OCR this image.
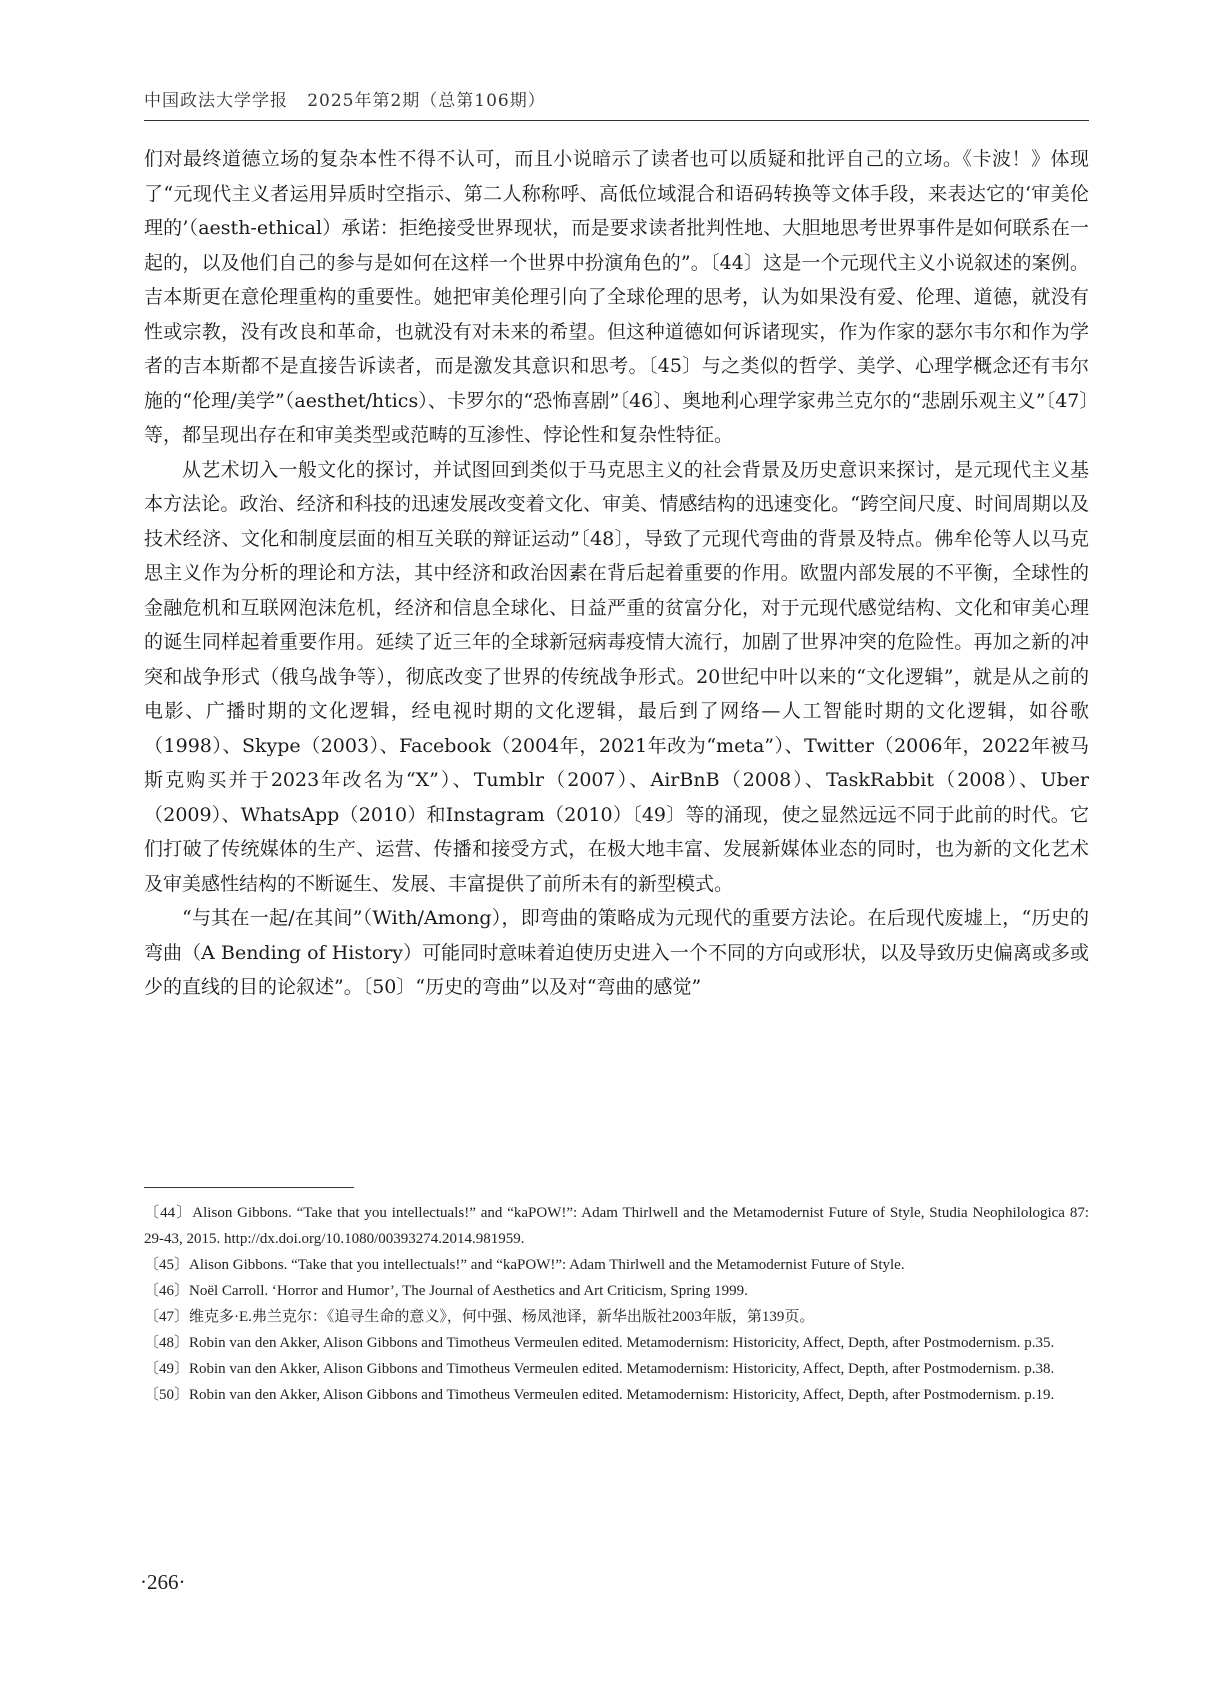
中国政法大学学报 2025年第2期（总第106期）

们对最终道德立场的复杂本性不得不认可，而且小说暗示了读者也可以质疑和批评自己的立场。《卡波！》体现了“元现代主义者运用异质时空指示、第二人称称呼、高低位域混合和语码转换等文体手段，来表达它的‘审美伦理的’（aesth-ethical）承诺：拒绝接受世界现状，而是要求读者批判性地、大胆地思考世界事件是如何联系在一起的，以及他们自己的参与是如何在这样一个世界中扮演角色的”。〔44〕这是一个元现代主义小说叙述的案例。吉本斯更在意伦理重构的重要性。她把审美伦理引向了全球伦理的思考，认为如果没有爱、伦理、道德，就没有性或宗教，没有改良和革命，也就没有对未来的希望。但这种道德如何诉诸现实，作为作家的瑟尔韦尔和作为学者的吉本斯都不是直接告诉读者，而是激发其意识和思考。〔45〕与之类似的哲学、美学、心理学概念还有韦尔施的“伦理/美学”（aesthet/htics）、卡罗尔的“恐怖喜剧”〔46〕、奥地利心理学家弗兰克尔的“悲剧乐观主义”〔47〕等，都呈现出存在和审美类型或范畴的互渗性、悖论性和复杂性特征。

从艺术切入一般文化的探讨，并试图回到类似于马克思主义的社会背景及历史意识来探讨，是元现代主义基本方法论。政治、经济和科技的迅速发展改变着文化、审美、情感结构的迅速变化。“跨空间尺度、时间周期以及技术经济、文化和制度层面的相互关联的辩证运动”〔48〕，导致了元现代弯曲的背景及特点。佛牟伦等人以马克思主义作为分析的理论和方法，其中经济和政治因素在背后起着重要的作用。欧盟内部发展的不平衡，全球性的金融危机和互联网泡沫危机，经济和信息全球化、日益严重的贫富分化，对于元现代感觉结构、文化和审美心理的诞生同样起着重要作用。延续了近三年的全球新冠病毒疫情大流行，加剧了世界冲突的危险性。再加之新的冲突和战争形式（俄乌战争等），彻底改变了世界的传统战争形式。20世纪中叶以来的“文化逻辑”，就是从之前的电影、广播时期的文化逻辑，经电视时期的文化逻辑，最后到了网络—人工智能时期的文化逻辑，如谷歌（1998）、Skype（2003）、Facebook（2004年，2021年改为“meta”）、Twitter（2006年，2022年被马斯克购买并于2023年改名为“X”）、Tumblr（2007）、AirBnB（2008）、TaskRabbit（2008）、Uber（2009）、WhatsApp（2010）和Instagram（2010）〔49〕等的涌现，使之显然远远不同于此前的时代。它们打破了传统媒体的生产、运营、传播和接受方式，在极大地丰富、发展新媒体业态的同时，也为新的文化艺术及审美感性结构的不断诞生、发展、丰富提供了前所未有的新型模式。

“与其在一起/在其间”（With/Among），即弯曲的策略成为元现代的重要方法论。在后现代废墟上，“历史的弯曲（A Bending of History）可能同时意味着迫使历史进入一个不同的方向或形状，以及导致历史偏离或多或少的直线的目的论叙述”。〔50〕“历史的弯曲”以及对“弯曲的感觉”

〔44〕Alison Gibbons. “Take that you intellectuals!” and “kaPOW!”: Adam Thirlwell and the Metamodernist Future of Style, Studia Neophilologica 87: 29-43, 2015. http://dx.doi.org/10.1080/00393274.2014.981959.

〔45〕Alison Gibbons. “Take that you intellectuals!” and “kaPOW!”: Adam Thirlwell and the Metamodernist Future of Style.

〔46〕Noël Carroll. ‘Horror and Humor’, The Journal of Aesthetics and Art Criticism, Spring 1999.

〔47〕维克多·E.弗兰克尔：《追寻生命的意义》，何中强、杨凤池译，新华出版社2003年版，第139页。

〔48〕Robin van den Akker, Alison Gibbons and Timotheus Vermeulen edited. Metamodernism: Historicity, Affect, Depth, after Postmodernism. p.35.

〔49〕Robin van den Akker, Alison Gibbons and Timotheus Vermeulen edited. Metamodernism: Historicity, Affect, Depth, after Postmodernism. p.38.

〔50〕Robin van den Akker, Alison Gibbons and Timotheus Vermeulen edited. Metamodernism: Historicity, Affect, Depth, after Postmodernism. p.19.

·266·
